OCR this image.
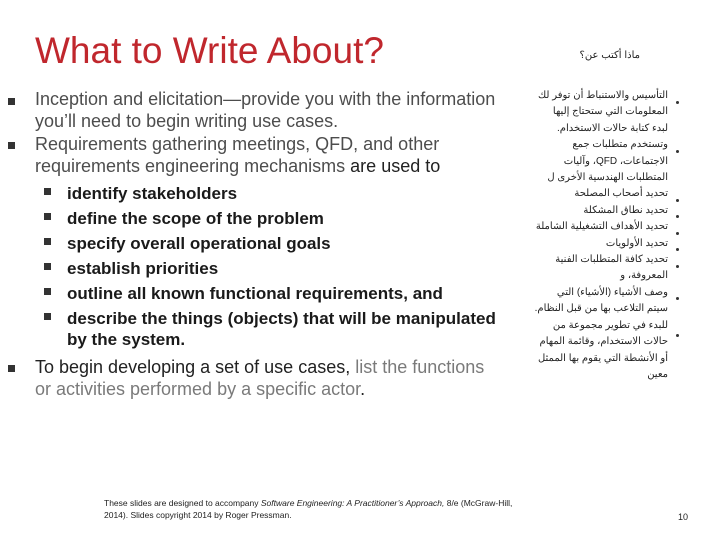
What to Write About?	ماذا أكتب عن؟
Inception and elicitation—provide you with the information you’ll need to begin writing use cases.
Requirements gathering meetings, QFD, and other requirements engineering mechanisms are used to
identify stakeholders
define the scope of the problem
specify overall operational goals
establish priorities
outline all known functional requirements, and
describe the things (objects) that will be manipulated by the system.
To begin developing a set of use cases, list the functions or activities performed by a specific actor.
التأسيس والاستنباط أن توفر لك
المعلومات التي ستحتاج إليها
لبدء كتابة حالات الاستخدام.
وتستخدم متطلبات جمع
الاجتماعات، QFD، وآليات
المتطلبات الهندسية الأخرى ل
تحديد أصحاب المصلحة
تحديد نطاق المشكلة
تحديد الأهداف التشغيلية الشاملة
تحديد الأولويات
تحديد كافة المتطلبات الفنية
المعروفة، و
وصف الأشياء (الأشياء) التي
سيتم التلاعب بها من قبل النظام.
للبدء في تطوير مجموعة من
حالات الاستخدام، وقائمة المهام
أو الأنشطة التي يقوم بها الممثل
معين
These slides are designed to accompany Software Engineering: A Practitioner’s Approach, 8/e (McGraw-Hill, 2014). Slides copyright 2014 by Roger Pressman.	10
